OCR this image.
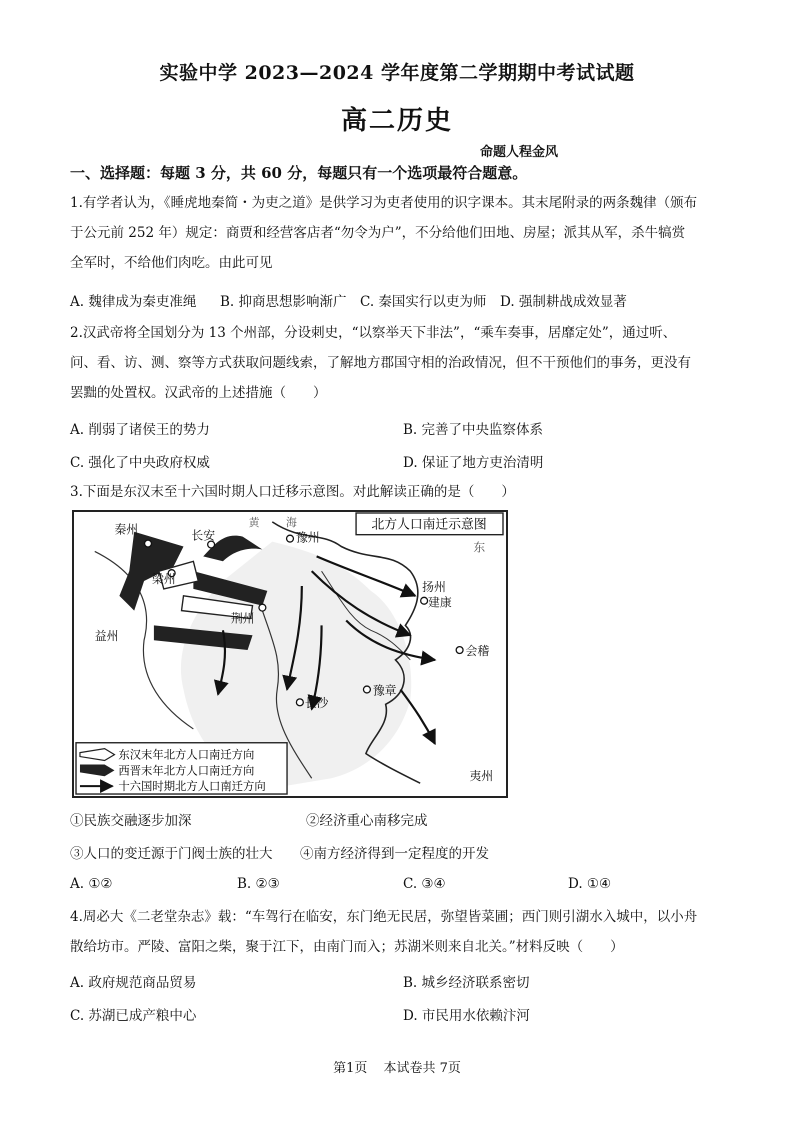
实验中学 2023—2024 学年度第二学期期中考试试题
高二历史
命题人程金风
一、选择题：每题 3 分，共 60 分，每题只有一个选项最符合题意。

1.有学者认为，《睡虎地秦简・为吏之道》是供学习为吏者使用的识字课本。其末尾附录的两条魏律（颁布

于公元前 252 年）规定：商贾和经营客店者“勿令为户”，不分给他们田地、房屋；派其从军，杀牛犒赏

全军时，不给他们肉吃。由此可见

A. 魏律成为秦吏准绳 B. 抑商思想影响渐广 C. 秦国实行以吏为师 D. 强制耕战成效显著

2.汉武帝将全国划分为 13 个州部，分设刺史，“以察举天下非法”，“乘车奏事，居靡定处”，通过听、

问、看、访、测、察等方式获取问题线索，了解地方郡国守相的治政情况，但不干预他们的事务，更没有

罢黜的处置权。汉武帝的上述措施（　　）

A. 削弱了诸侯王的势力	B. 完善了中央监察体系
C. 强化了中央政府权威	D. 保证了地方吏治清明

3.下面是东汉末至十六国时期人口迁移示意图。对此解读正确的是（　　）

北方人口南迁示意图
秦州	长安
梁州
益州
荆州
豫州
扬州
建康
会稽
长沙
豫章
夷州
黄 海
东
东汉末年北方人口南迁方向
西晋末年北方人口南迁方向
十六国时期北方人口南迁方向
①民族交融逐步加深	②经济重心南移完成
③人口的变迁源于门阀士族的壮大 ④南方经济得到一定程度的开发
A. ①②	B. ②③	C. ③④	D. ①④

4.周必大《二老堂杂志》载：“车驾行在临安，东门绝无民居，弥望皆菜圃；西门则引湖水入城中，以小舟

散给坊市。严陵、富阳之柴，聚于江下，由南门而入；苏湖米则来自北关。”材料反映（　　）

A. 政府规范商品贸易	B. 城乡经济联系密切
C. 苏湖已成产粮中心	D. 市民用水依赖汴河
第1页 本试卷共 7页
